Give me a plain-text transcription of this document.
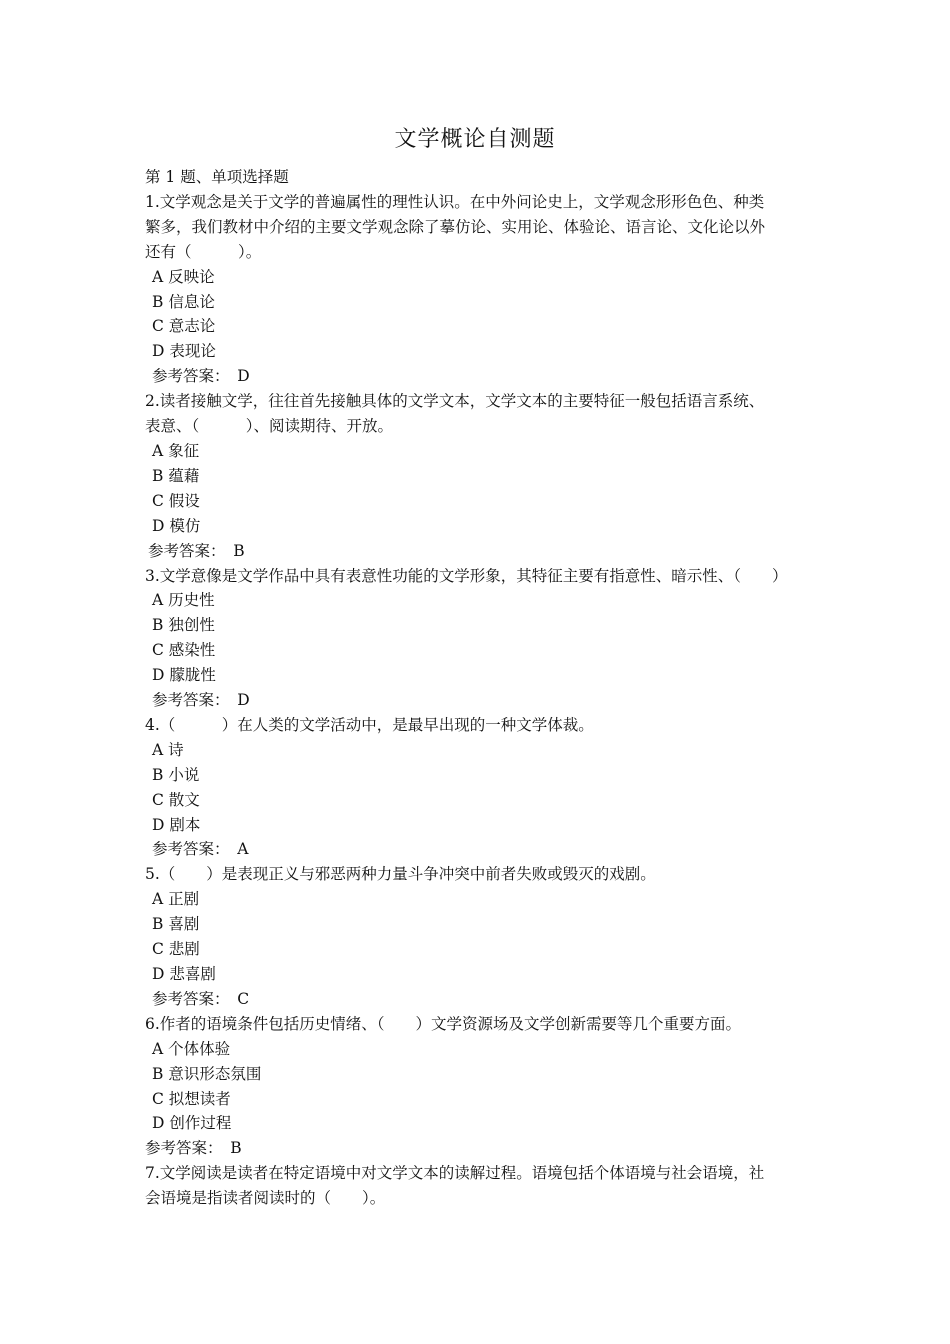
文学概论自测题
第 1 题、单项选择题
1.文学观念是关于文学的普遍属性的理性认识。在中外问论史上，文学观念形形色色、种类
繁多，我们教材中介绍的主要文学观念除了摹仿论、实用论、体验论、语言论、文化论以外
还有（　　　）。
A 反映论
B 信息论
C 意志论
D 表现论
参考答案：　D
2.读者接触文学，往往首先接触具体的文学文本，文学文本的主要特征一般包括语言系统、
表意、（　　　）、阅读期待、开放。
A 象征
B 蕴藉
C 假设
D 模仿
参考答案：　B
3.文学意像是文学作品中具有表意性功能的文学形象，其特征主要有指意性、暗示性、（　　）
A 历史性
B 独创性
C 感染性
D 朦胧性
参考答案：　D
4.（　　　）在人类的文学活动中，是最早出现的一种文学体裁。
A 诗
B 小说
C 散文
D 剧本
参考答案：　A
5.（　　）是表现正义与邪恶两种力量斗争冲突中前者失败或毁灭的戏剧。
A 正剧
B 喜剧
C 悲剧
D 悲喜剧
参考答案：　C
6.作者的语境条件包括历史情绪、（　　）文学资源场及文学创新需要等几个重要方面。
A 个体体验
B 意识形态氛围
C 拟想读者
D 创作过程
参考答案：　B
7.文学阅读是读者在特定语境中对文学文本的读解过程。语境包括个体语境与社会语境，社
会语境是指读者阅读时的（　　）。
